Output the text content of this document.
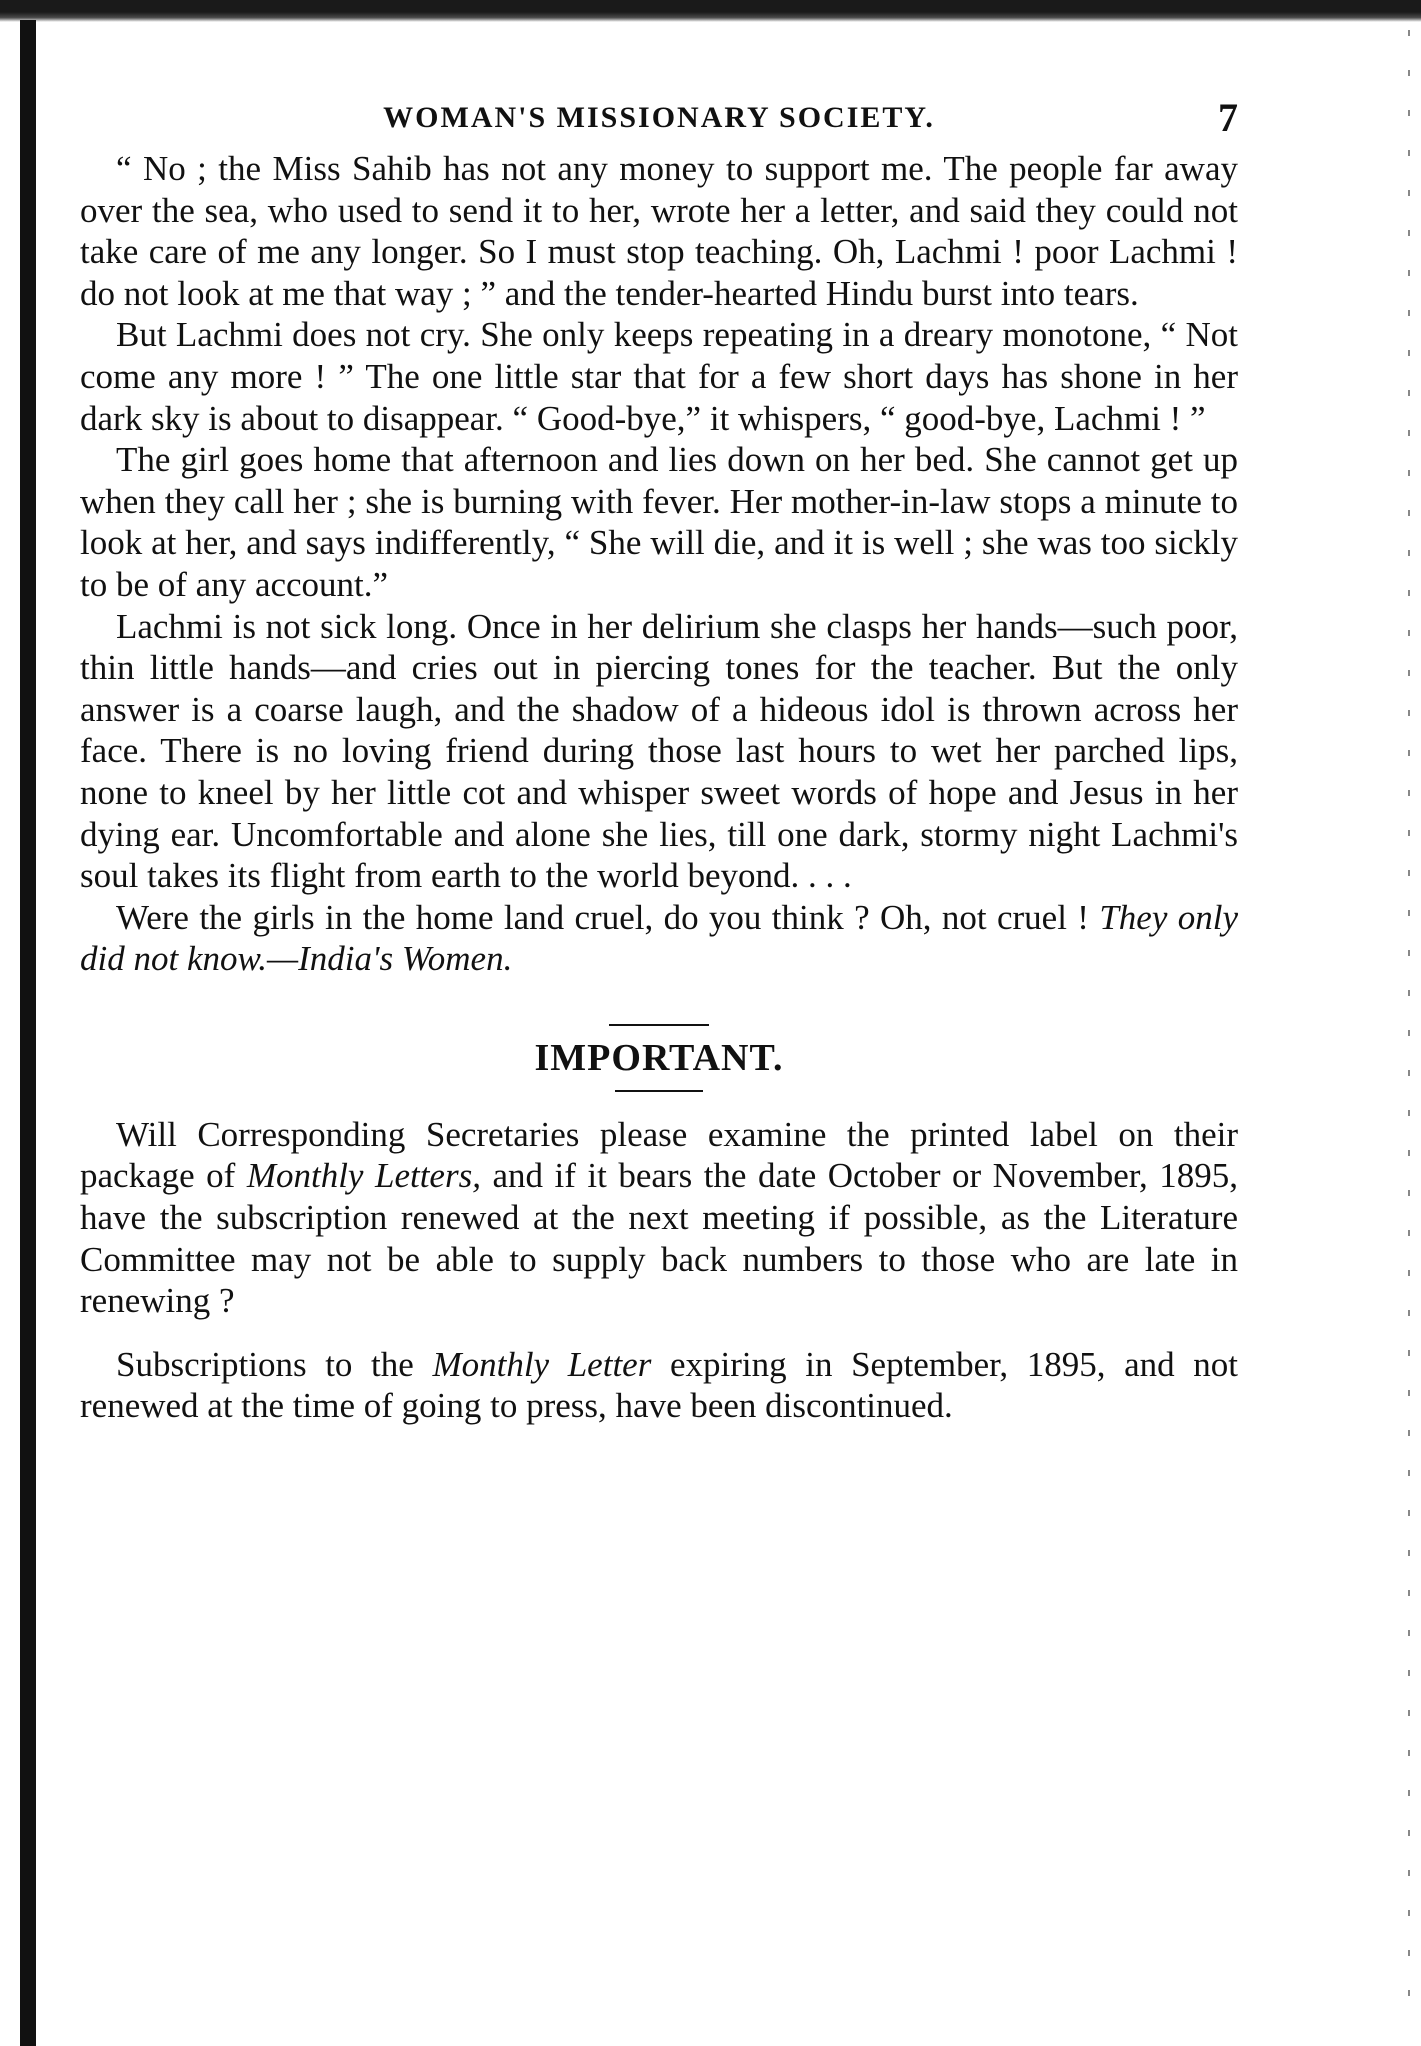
WOMAN'S MISSIONARY SOCIETY.	7

“ No ; the Miss Sahib has not any money to support me. The people far away over the sea, who used to send it to her, wrote her a letter, and said they could not take care of me any longer. So I must stop teaching. Oh, Lachmi ! poor Lachmi ! do not look at me that way ; ” and the tender-hearted Hindu burst into tears.

But Lachmi does not cry. She only keeps repeating in a dreary monotone, “ Not come any more ! ” The one little star that for a few short days has shone in her dark sky is about to disappear. “ Good-bye,” it whispers, “ good-bye, Lachmi ! ”

The girl goes home that afternoon and lies down on her bed. She cannot get up when they call her ; she is burning with fever. Her mother-in-law stops a minute to look at her, and says indifferently, “ She will die, and it is well ; she was too sickly to be of any account.”

Lachmi is not sick long. Once in her delirium she clasps her hands—such poor, thin little hands—and cries out in piercing tones for the teacher. But the only answer is a coarse laugh, and the shadow of a hideous idol is thrown across her face. There is no loving friend during those last hours to wet her parched lips, none to kneel by her little cot and whisper sweet words of hope and Jesus in her dying ear. Uncomfortable and alone she lies, till one dark, stormy night Lachmi's soul takes its flight from earth to the world beyond. . . .

Were the girls in the home land cruel, do you think ? Oh, not cruel ! They only did not know.—India's Women.

IMPORTANT.

Will Corresponding Secretaries please examine the printed label on their package of Monthly Letters, and if it bears the date October or November, 1895, have the subscription renewed at the next meeting if possible, as the Literature Committee may not be able to supply back numbers to those who are late in renewing ?

Subscriptions to the Monthly Letter expiring in September, 1895, and not renewed at the time of going to press, have been discontinued.
